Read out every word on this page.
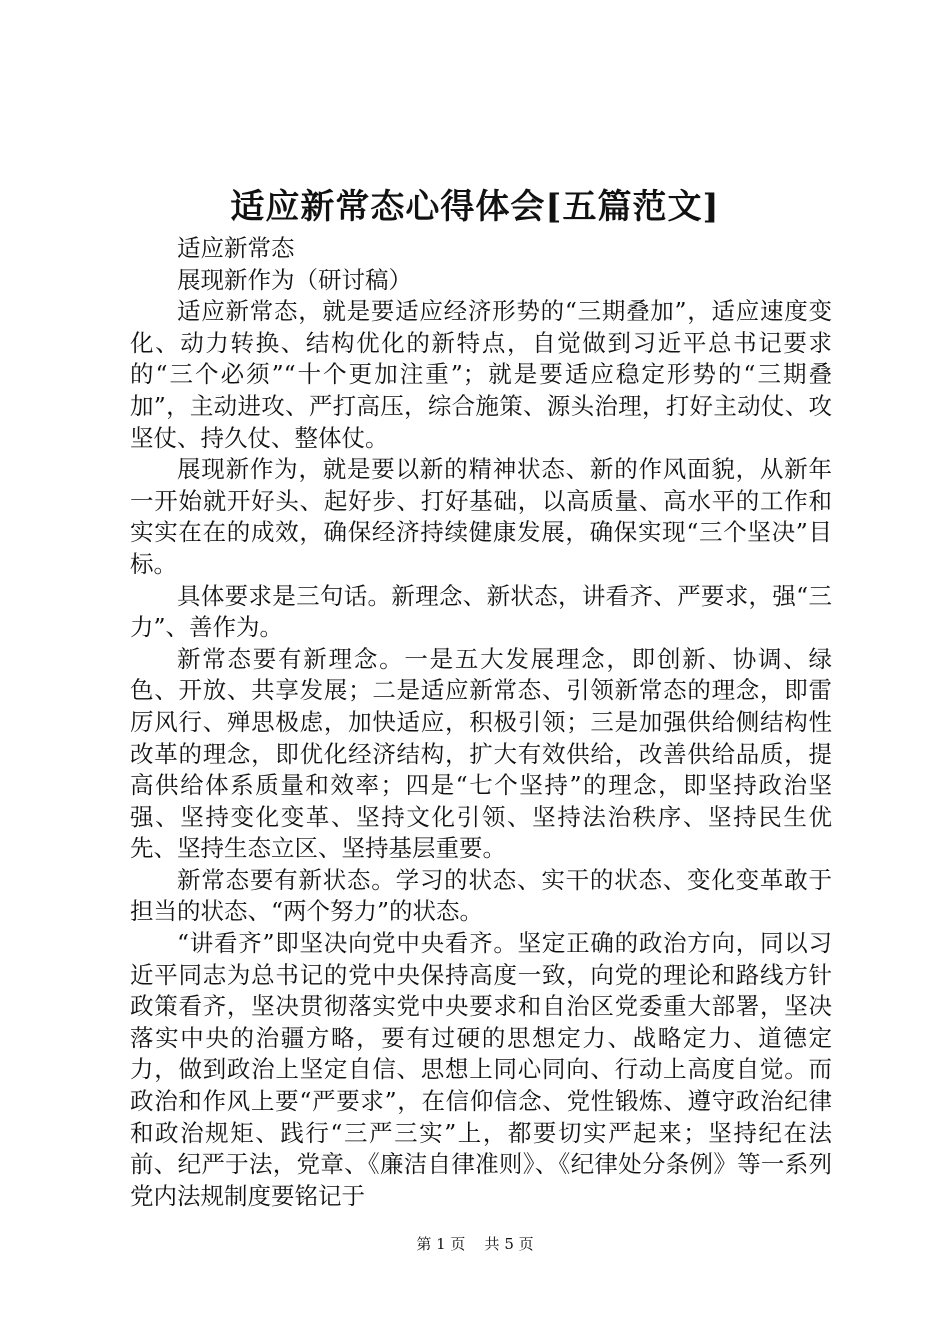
适应新常态心得体会[五篇范文]

适应新常态

展现新作为（研讨稿）

适应新常态，就是要适应经济形势的“三期叠加”，适应速度变化、动力转换、结构优化的新特点，自觉做到习近平总书记要求的“三个必须”“十个更加注重”；就是要适应稳定形势的“三期叠加”，主动进攻、严打高压，综合施策、源头治理，打好主动仗、攻坚仗、持久仗、整体仗。

展现新作为，就是要以新的精神状态、新的作风面貌，从新年一开始就开好头、起好步、打好基础，以高质量、高水平的工作和实实在在的成效，确保经济持续健康发展，确保实现“三个坚决”目标。

具体要求是三句话。新理念、新状态，讲看齐、严要求，强“三力”、善作为。

新常态要有新理念。一是五大发展理念，即创新、协调、绿色、开放、共享发展；二是适应新常态、引领新常态的理念，即雷厉风行、殚思极虑，加快适应，积极引领；三是加强供给侧结构性改革的理念，即优化经济结构，扩大有效供给，改善供给品质，提高供给体系质量和效率；四是“七个坚持”的理念，即坚持政治坚强、坚持变化变革、坚持文化引领、坚持法治秩序、坚持民生优先、坚持生态立区、坚持基层重要。

新常态要有新状态。学习的状态、实干的状态、变化变革敢于担当的状态、“两个努力”的状态。

“讲看齐”即坚决向党中央看齐。坚定正确的政治方向，同以习近平同志为总书记的党中央保持高度一致，向党的理论和路线方针政策看齐，坚决贯彻落实党中央要求和自治区党委重大部署，坚决落实中央的治疆方略，要有过硬的思想定力、战略定力、道德定力，做到政治上坚定自信、思想上同心同向、行动上高度自觉。而政治和作风上要“严要求”，在信仰信念、党性锻炼、遵守政治纪律和政治规矩、践行“三严三实”上，都要切实严起来；坚持纪在法前、纪严于法，党章、《廉洁自律准则》、《纪律处分条例》等一系列党内法规制度要铭记于

第 1 页 共 5 页
